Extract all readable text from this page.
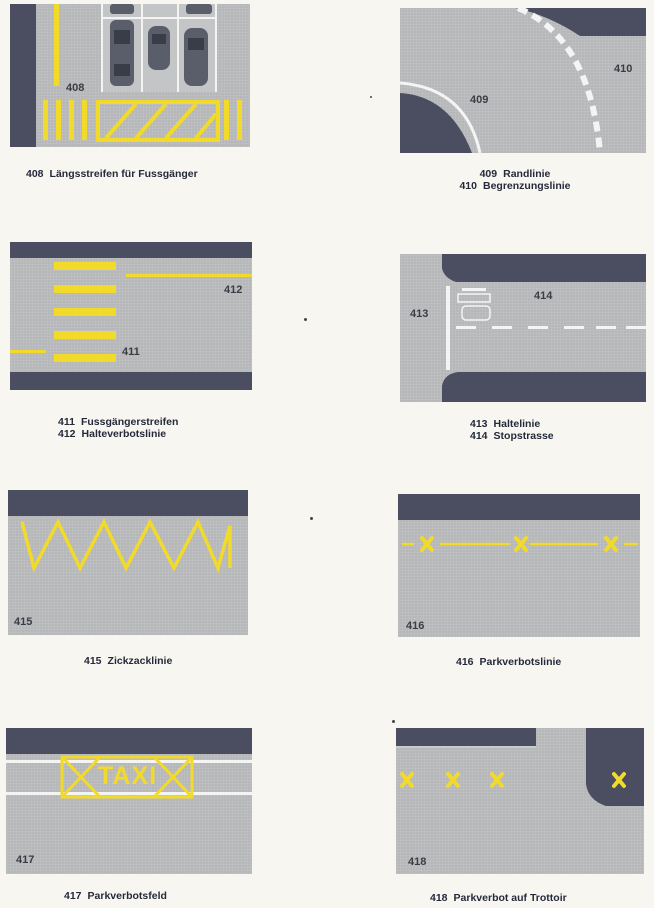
408
408 Längsstreifen für Fussgänger
409
410
409 Randlinie
410 Begrenzungslinie
412
411
411 Fussgängerstreifen
412 Halteverbotslinie
413
414
413 Haltelinie
414 Stopstrasse
415
415 Zickzacklinie
416
416 Parkverbotslinie
TAXI
417
417 Parkverbotsfeld
418
418 Parkverbot auf Trottoir
